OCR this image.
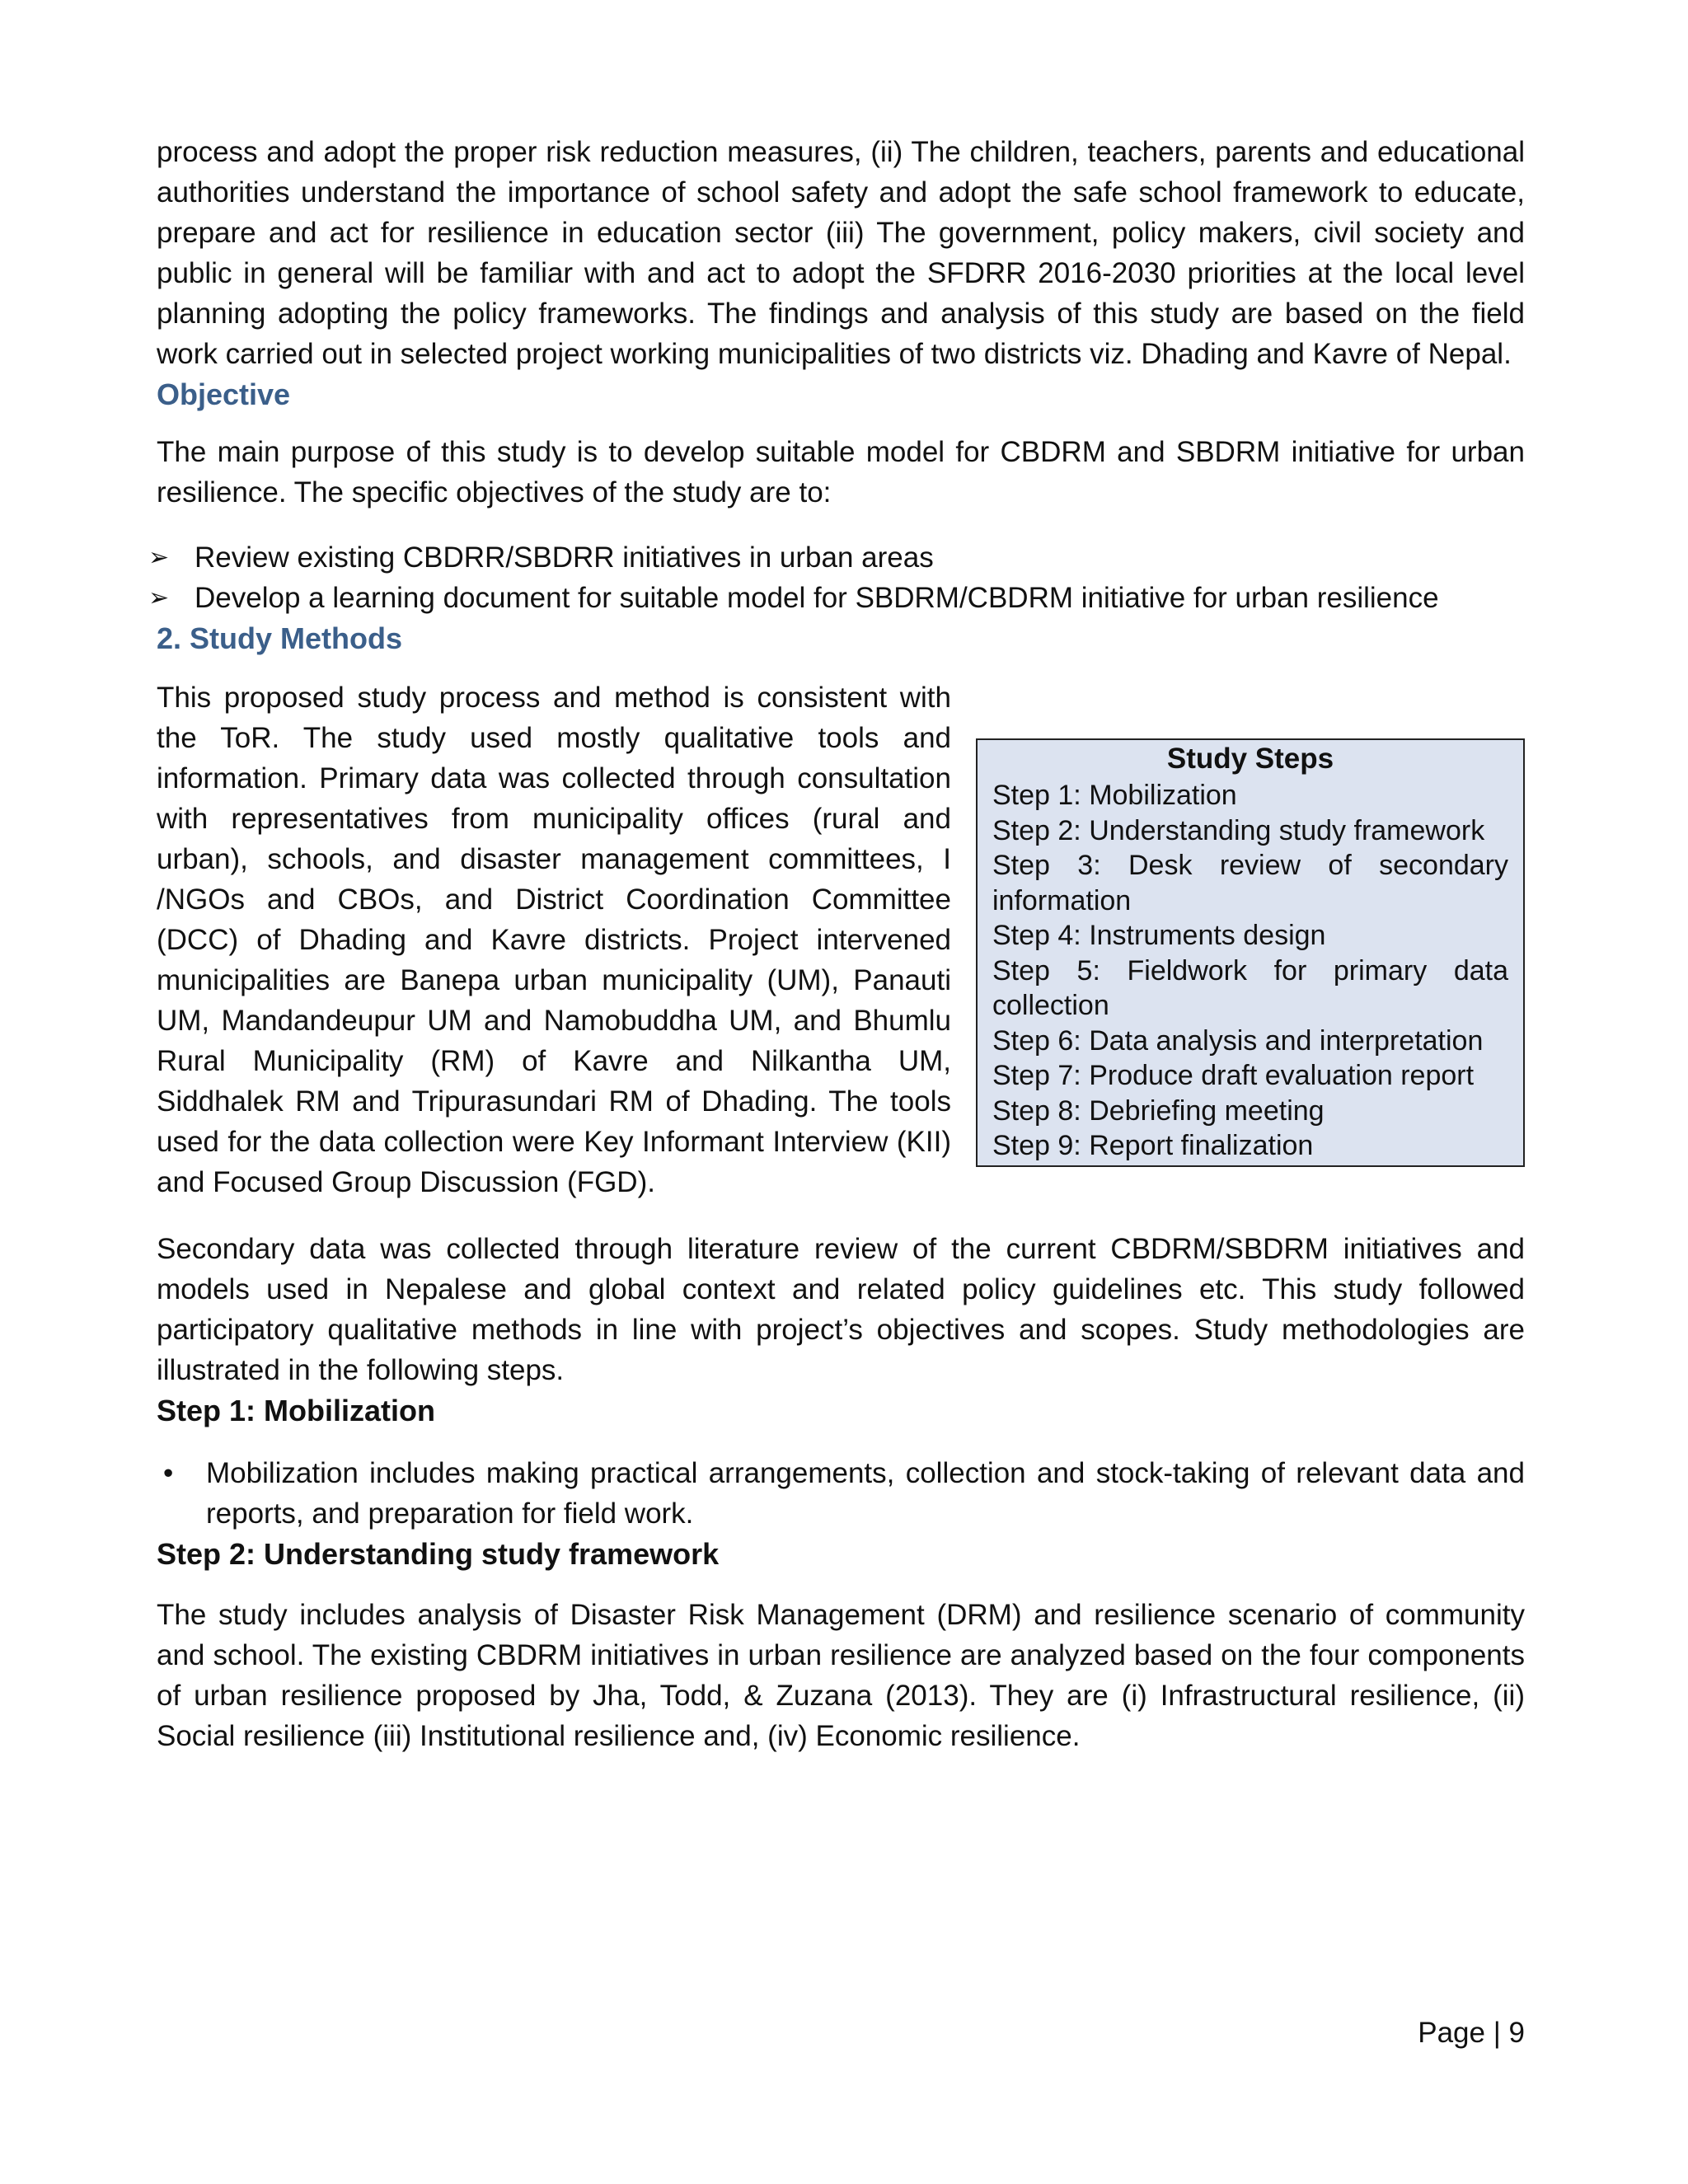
process and adopt the proper risk reduction measures, (ii) The children, teachers, parents and educational authorities understand the importance of school safety and adopt the safe school framework to educate, prepare and act for resilience in education sector (iii) The government, policy makers, civil society and public in general will be familiar with and act to adopt the SFDRR 2016-2030 priorities at the local level planning adopting the policy frameworks. The findings and analysis of this study are based on the field work carried out in selected project working municipalities of two districts viz. Dhading and Kavre of Nepal.

Objective

The main purpose of this study is to develop suitable model for CBDRM and SBDRM initiative for urban resilience. The specific objectives of the study are to:

➢ Review existing CBDRR/SBDRR initiatives in urban areas
➢ Develop a learning document for suitable model for SBDRM/CBDRM initiative for urban resilience
2. Study Methods
Study Steps
Step 1: Mobilization
Step 2: Understanding study framework
Step 3: Desk review of secondary information
Step 4: Instruments design
Step 5: Fieldwork for primary data collection
Step 6: Data analysis and interpretation
Step 7: Produce draft evaluation report
Step 8: Debriefing meeting
Step 9: Report finalization

This proposed study process and method is consistent with the ToR. The study used mostly qualitative tools and information. Primary data was collected through consultation with representatives from municipality offices (rural and urban), schools, and disaster management committees, I /NGOs and CBOs, and District Coordination Committee (DCC) of Dhading and Kavre districts. Project intervened municipalities are Banepa urban municipality (UM), Panauti UM, Mandandeupur UM and Namobuddha UM, and Bhumlu Rural Municipality (RM) of Kavre and Nilkantha UM, Siddhalek RM and Tripurasundari RM of Dhading. The tools used for the data collection were Key Informant Interview (KII) and Focused Group Discussion (FGD).

Secondary data was collected through literature review of the current CBDRM/SBDRM initiatives and models used in Nepalese and global context and related policy guidelines etc. This study followed participatory qualitative methods in line with project’s objectives and scopes. Study methodologies are illustrated in the following steps.

Step 1: Mobilization
• Mobilization includes making practical arrangements, collection and stock-taking of relevant data and reports, and preparation for field work.
Step 2: Understanding study framework

The study includes analysis of Disaster Risk Management (DRM) and resilience scenario of community and school. The existing CBDRM initiatives in urban resilience are analyzed based on the four components of urban resilience proposed by Jha, Todd, & Zuzana (2013). They are (i) Infrastructural resilience, (ii) Social resilience (iii) Institutional resilience and, (iv) Economic resilience.

Page | 9
